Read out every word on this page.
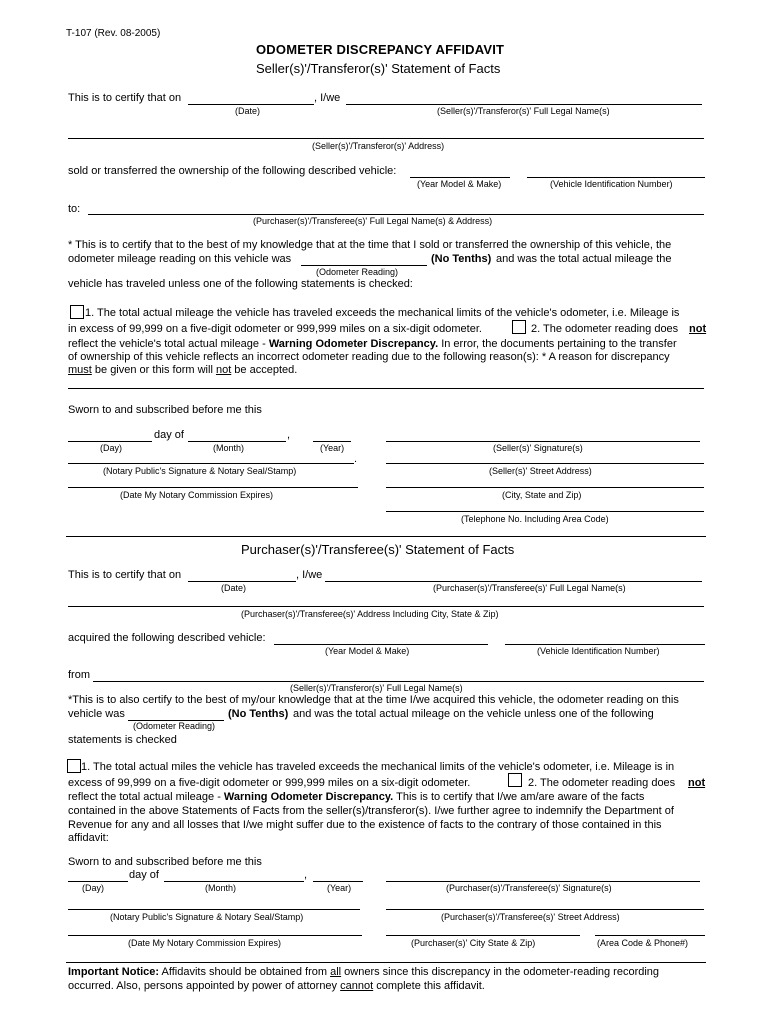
T-107 (Rev. 08-2005)
ODOMETER DISCREPANCY AFFIDAVIT
Seller(s)'/Transferor(s)' Statement of Facts
This is to certify that on	, I/we
(Date)	(Seller(s)'/Transferor(s)' Full Legal Name(s)
(Seller(s)'/Transferor(s)' Address)
sold or transferred the ownership of the following described vehicle:
(Year Model & Make)	(Vehicle Identification Number)
to:
(Purchaser(s)'/Transferee(s)' Full Legal Name(s) & Address)
* This is to certify that to the best of my knowledge that at the time that I sold or transferred the ownership of this vehicle, the
odometer mileage reading on this vehicle was	(No Tenths) and was the total actual mileage the
(Odometer Reading)
vehicle has traveled unless one of the following statements is checked:
1. The total actual mileage the vehicle has traveled exceeds the mechanical limits of the vehicle's odometer, i.e. Mileage is
in excess of 99,999 on a five-digit odometer or 999,999 miles on a six-digit odometer.	2. The odometer reading does not
reflect the vehicle's total actual mileage - Warning Odometer Discrepancy. In error, the documents pertaining to the transfer
of ownership of this vehicle reflects an incorrect odometer reading due to the following reason(s): * A reason for discrepancy
must be given or this form will not be accepted.
Sworn to and subscribed before me this
day of	,
(Day)	(Month)	(Year)	(Seller(s)' Signature(s)
.
(Notary Public's Signature & Notary Seal/Stamp)	(Seller(s)' Street Address)
(Date My Notary Commission Expires)	(City, State and Zip)
(Telephone No. Including Area Code)
Purchaser(s)'/Transferee(s)' Statement of Facts
This is to certify that on	, I/we
(Date)	(Purchaser(s)'/Transferee(s)' Full Legal Name(s)
(Purchaser(s)'/Transferee(s)' Address Including City, State & Zip)
acquired the following described vehicle:
(Year Model & Make)	(Vehicle Identification Number)
from
(Seller(s)'/Transferor(s)' Full Legal Name(s)
*This is to also certify to the best of my/our knowledge that at the time I/we acquired this vehicle, the odometer reading on this
vehicle was	(No Tenths) and was the total actual mileage on the vehicle unless one of the following
(Odometer Reading)
statements is checked
1. The total actual miles the vehicle has traveled exceeds the mechanical limits of the vehicle's odometer, i.e. Mileage is in
excess of 99,999 on a five-digit odometer or 999,999 miles on a six-digit odometer.	2. The odometer reading does not
reflect the total actual mileage - Warning Odometer Discrepancy. This is to certify that I/we am/are aware of the facts
contained in the above Statements of Facts from the seller(s)/transferor(s). I/we further agree to indemnify the Department of
Revenue for any and all losses that I/we might suffer due to the existence of facts to the contrary of those contained in this
affidavit:
Sworn to and subscribed before me this
day of	,
(Day)	(Month)	(Year)	(Purchaser(s)'/Transferee(s)' Signature(s)
(Notary Public's Signature & Notary Seal/Stamp)	(Purchaser(s)'/Transferee(s)' Street Address)
(Date My Notary Commission Expires)	(Purchaser(s)' City State & Zip)	(Area Code & Phone#)
Important Notice: Affidavits should be obtained from all owners since this discrepancy in the odometer-reading recording
occurred. Also, persons appointed by power of attorney cannot complete this affidavit.
